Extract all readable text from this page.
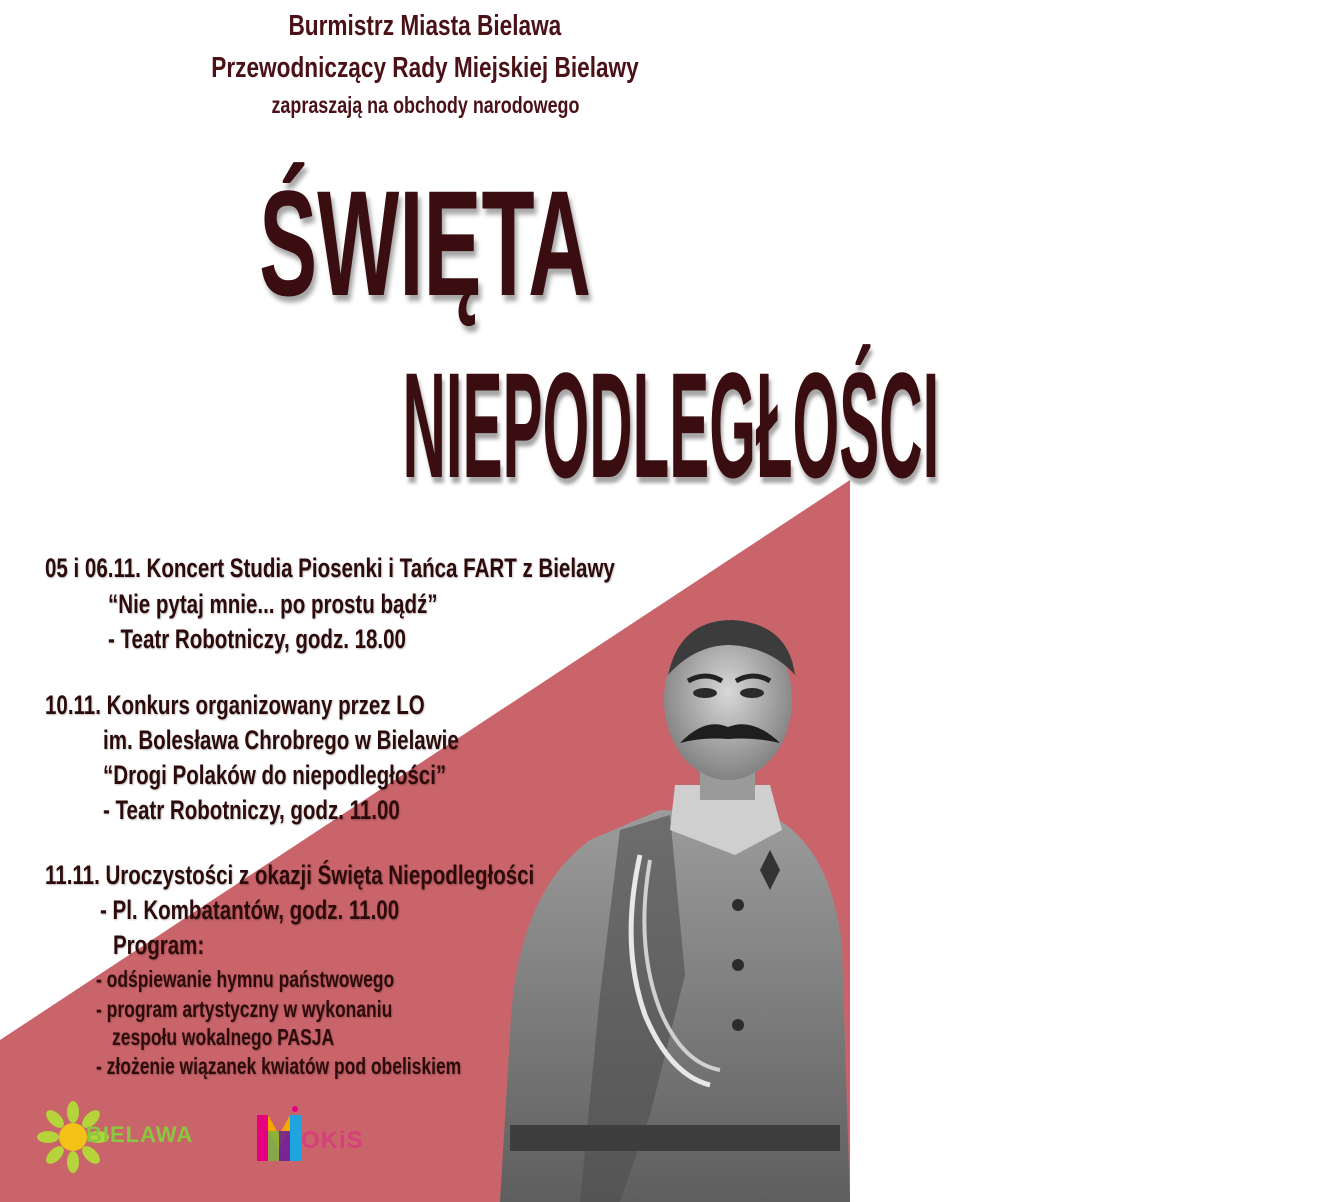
Burmistrz Miasta Bielawa
Przewodniczący Rady Miejskiej Bielawy
zapraszają na obchody narodowego
ŚWIĘTA
NIEPODLEGŁOŚCI
05 i 06.11. Koncert Studia Piosenki i Tańca FART z Bielawy
“Nie pytaj mnie... po prostu bądź”
- Teatr Robotniczy, godz. 18.00
10.11. Konkurs organizowany przez LO
im. Bolesława Chrobrego w Bielawie
“Drogi Polaków do niepodległości”
- Teatr Robotniczy, godz. 11.00
11.11. Uroczystości z okazji Święta Niepodległości
- Pl. Kombatantów, godz. 11.00
Program:
- odśpiewanie hymnu państwowego
- program artystyczny w wykonaniu
zespołu wokalnego PASJA
- złożenie wiązanek kwiatów pod obeliskiem
BIELAWA	OKiS
